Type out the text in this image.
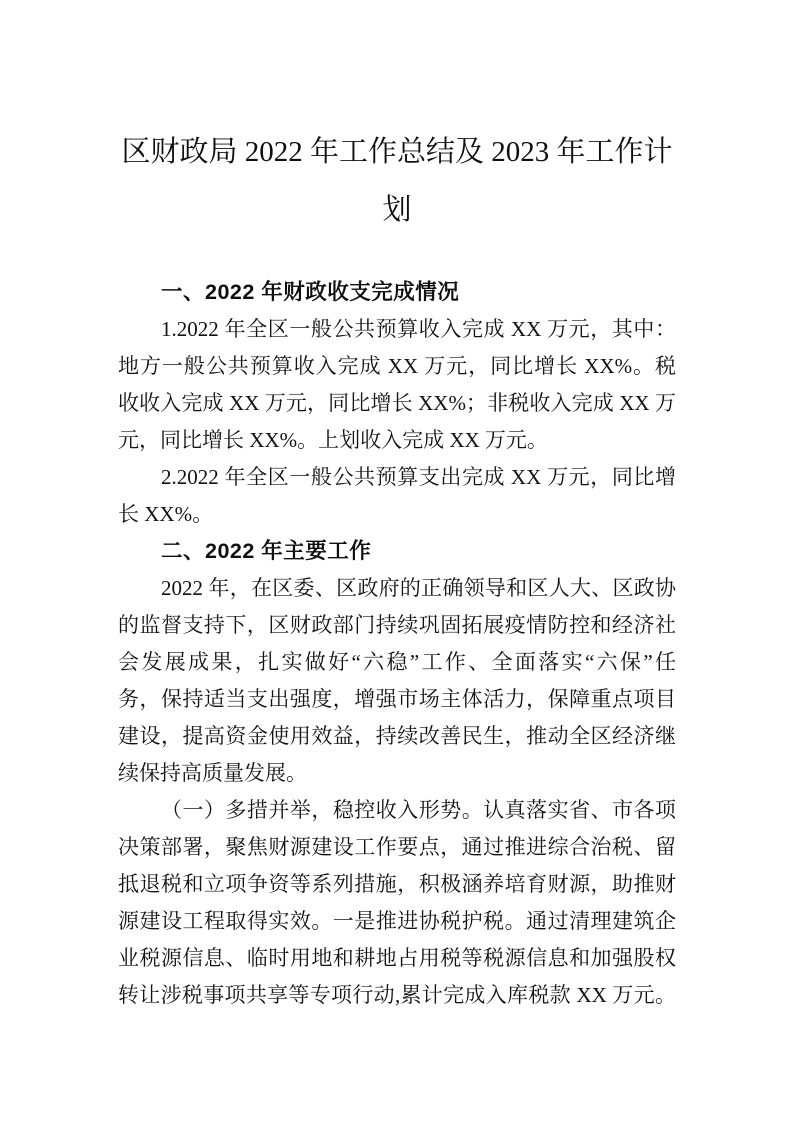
区财政局 2022 年工作总结及 2023 年工作计
划
一、2022 年财政收支完成情况

1.2022 年全区一般公共预算收入完成 XX 万元，其中：
地方一般公共预算收入完成 XX 万元，同比增长 XX%。税
收收入完成 XX 万元，同比增长 XX%；非税收入完成 XX 万
元，同比增长 XX%。上划收入完成 XX 万元。

2.2022 年全区一般公共预算支出完成 XX 万元，同比增
长 XX%。

二、2022 年主要工作

2022 年，在区委、区政府的正确领导和区人大、区政协
的监督支持下，区财政部门持续巩固拓展疫情防控和经济社
会发展成果，扎实做好“六稳”工作、全面落实“六保”任
务，保持适当支出强度，增强市场主体活力，保障重点项目
建设，提高资金使用效益，持续改善民生，推动全区经济继
续保持高质量发展。

（一）多措并举，稳控收入形势。认真落实省、市各项
决策部署，聚焦财源建设工作要点，通过推进综合治税、留
抵退税和立项争资等系列措施，积极涵养培育财源，助推财
源建设工程取得实效。一是推进协税护税。通过清理建筑企
业税源信息、临时用地和耕地占用税等税源信息和加强股权
转让涉税事项共享等专项行动,累计完成入库税款 XX 万元。
